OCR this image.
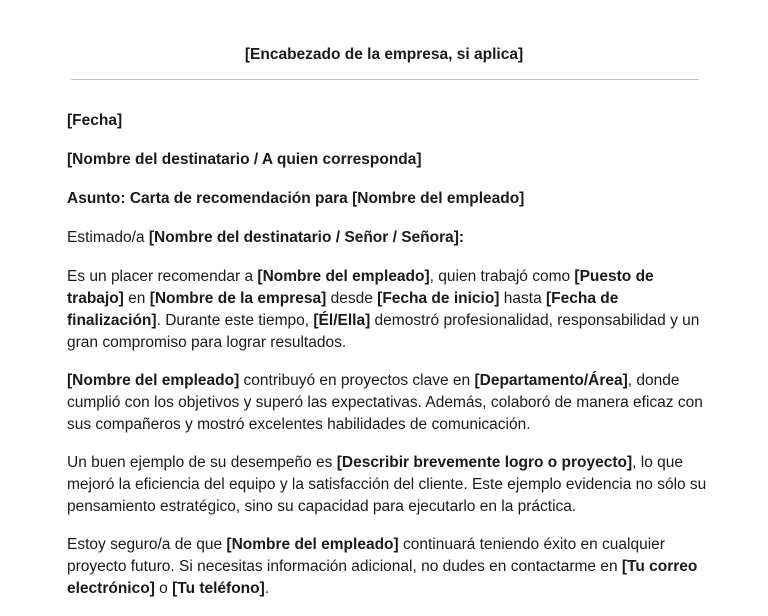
[Encabezado de la empresa, si aplica]

[Fecha]

[Nombre del destinatario / A quien corresponda]

Asunto: Carta de recomendación para [Nombre del empleado]

Estimado/a [Nombre del destinatario / Señor / Señora]:

Es un placer recomendar a [Nombre del empleado], quien trabajó como [Puesto de trabajo] en [Nombre de la empresa] desde [Fecha de inicio] hasta [Fecha de finalización]. Durante este tiempo, [Él/Ella] demostró profesionalidad, responsabilidad y un gran compromiso para lograr resultados.

[Nombre del empleado] contribuyó en proyectos clave en [Departamento/Área], donde cumplió con los objetivos y superó las expectativas. Además, colaboró de manera eficaz con sus compañeros y mostró excelentes habilidades de comunicación.

Un buen ejemplo de su desempeño es [Describir brevemente logro o proyecto], lo que mejoró la eficiencia del equipo y la satisfacción del cliente. Este ejemplo evidencia no sólo su pensamiento estratégico, sino su capacidad para ejecutarlo en la práctica.

Estoy seguro/a de que [Nombre del empleado] continuará teniendo éxito en cualquier proyecto futuro. Si necesitas información adicional, no dudes en contactarme en [Tu correo electrónico] o [Tu teléfono].
